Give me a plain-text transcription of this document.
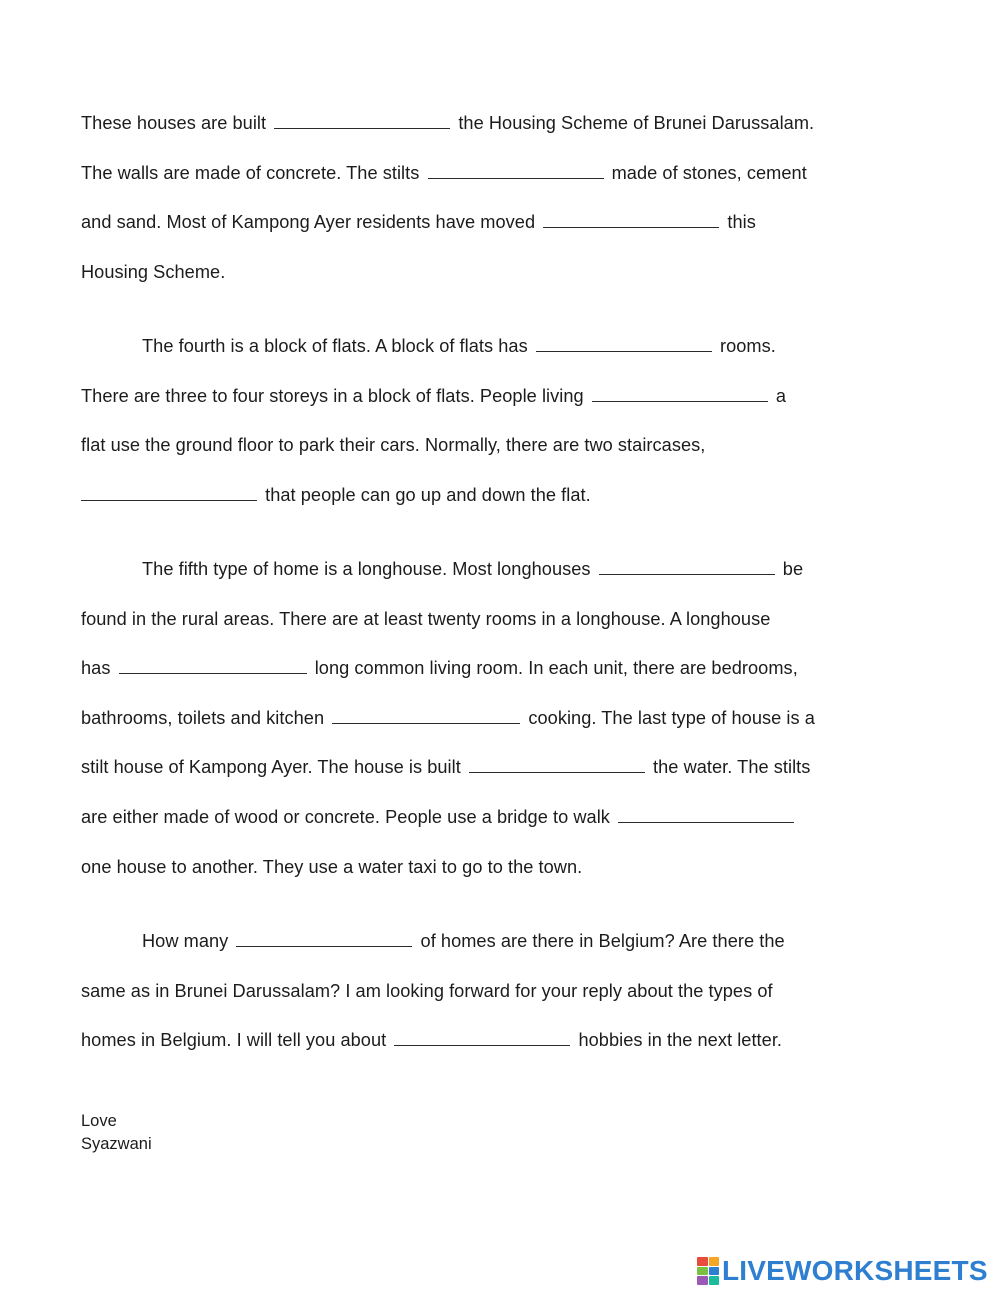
These houses are built	the Housing Scheme of Brunei Darussalam.
The walls are made of concrete. The stilts	made of stones, cement
and sand. Most of Kampong Ayer residents have moved	this
Housing Scheme.
The fourth is a block of flats. A block of flats has	rooms.
There are three to four storeys in a block of flats. People living	a
flat use the ground floor to park their cars. Normally, there are two staircases,
that people can go up and down the flat.
The fifth type of home is a longhouse. Most longhouses	be
found in the rural areas. There are at least twenty rooms in a longhouse. A longhouse
has	long common living room. In each unit, there are bedrooms,
bathrooms, toilets and kitchen	cooking. The last type of house is a
stilt house of Kampong Ayer. The house is built	the water. The stilts
are either made of wood or concrete. People use a bridge to walk
one house to another. They use a water taxi to go to the town.
How many	of homes are there in Belgium? Are there the
same as in Brunei Darussalam? I am looking forward for your reply about the types of
homes in Belgium. I will tell you about	hobbies in the next letter.
Love
Syazwani
LIVEWORKSHEETS
